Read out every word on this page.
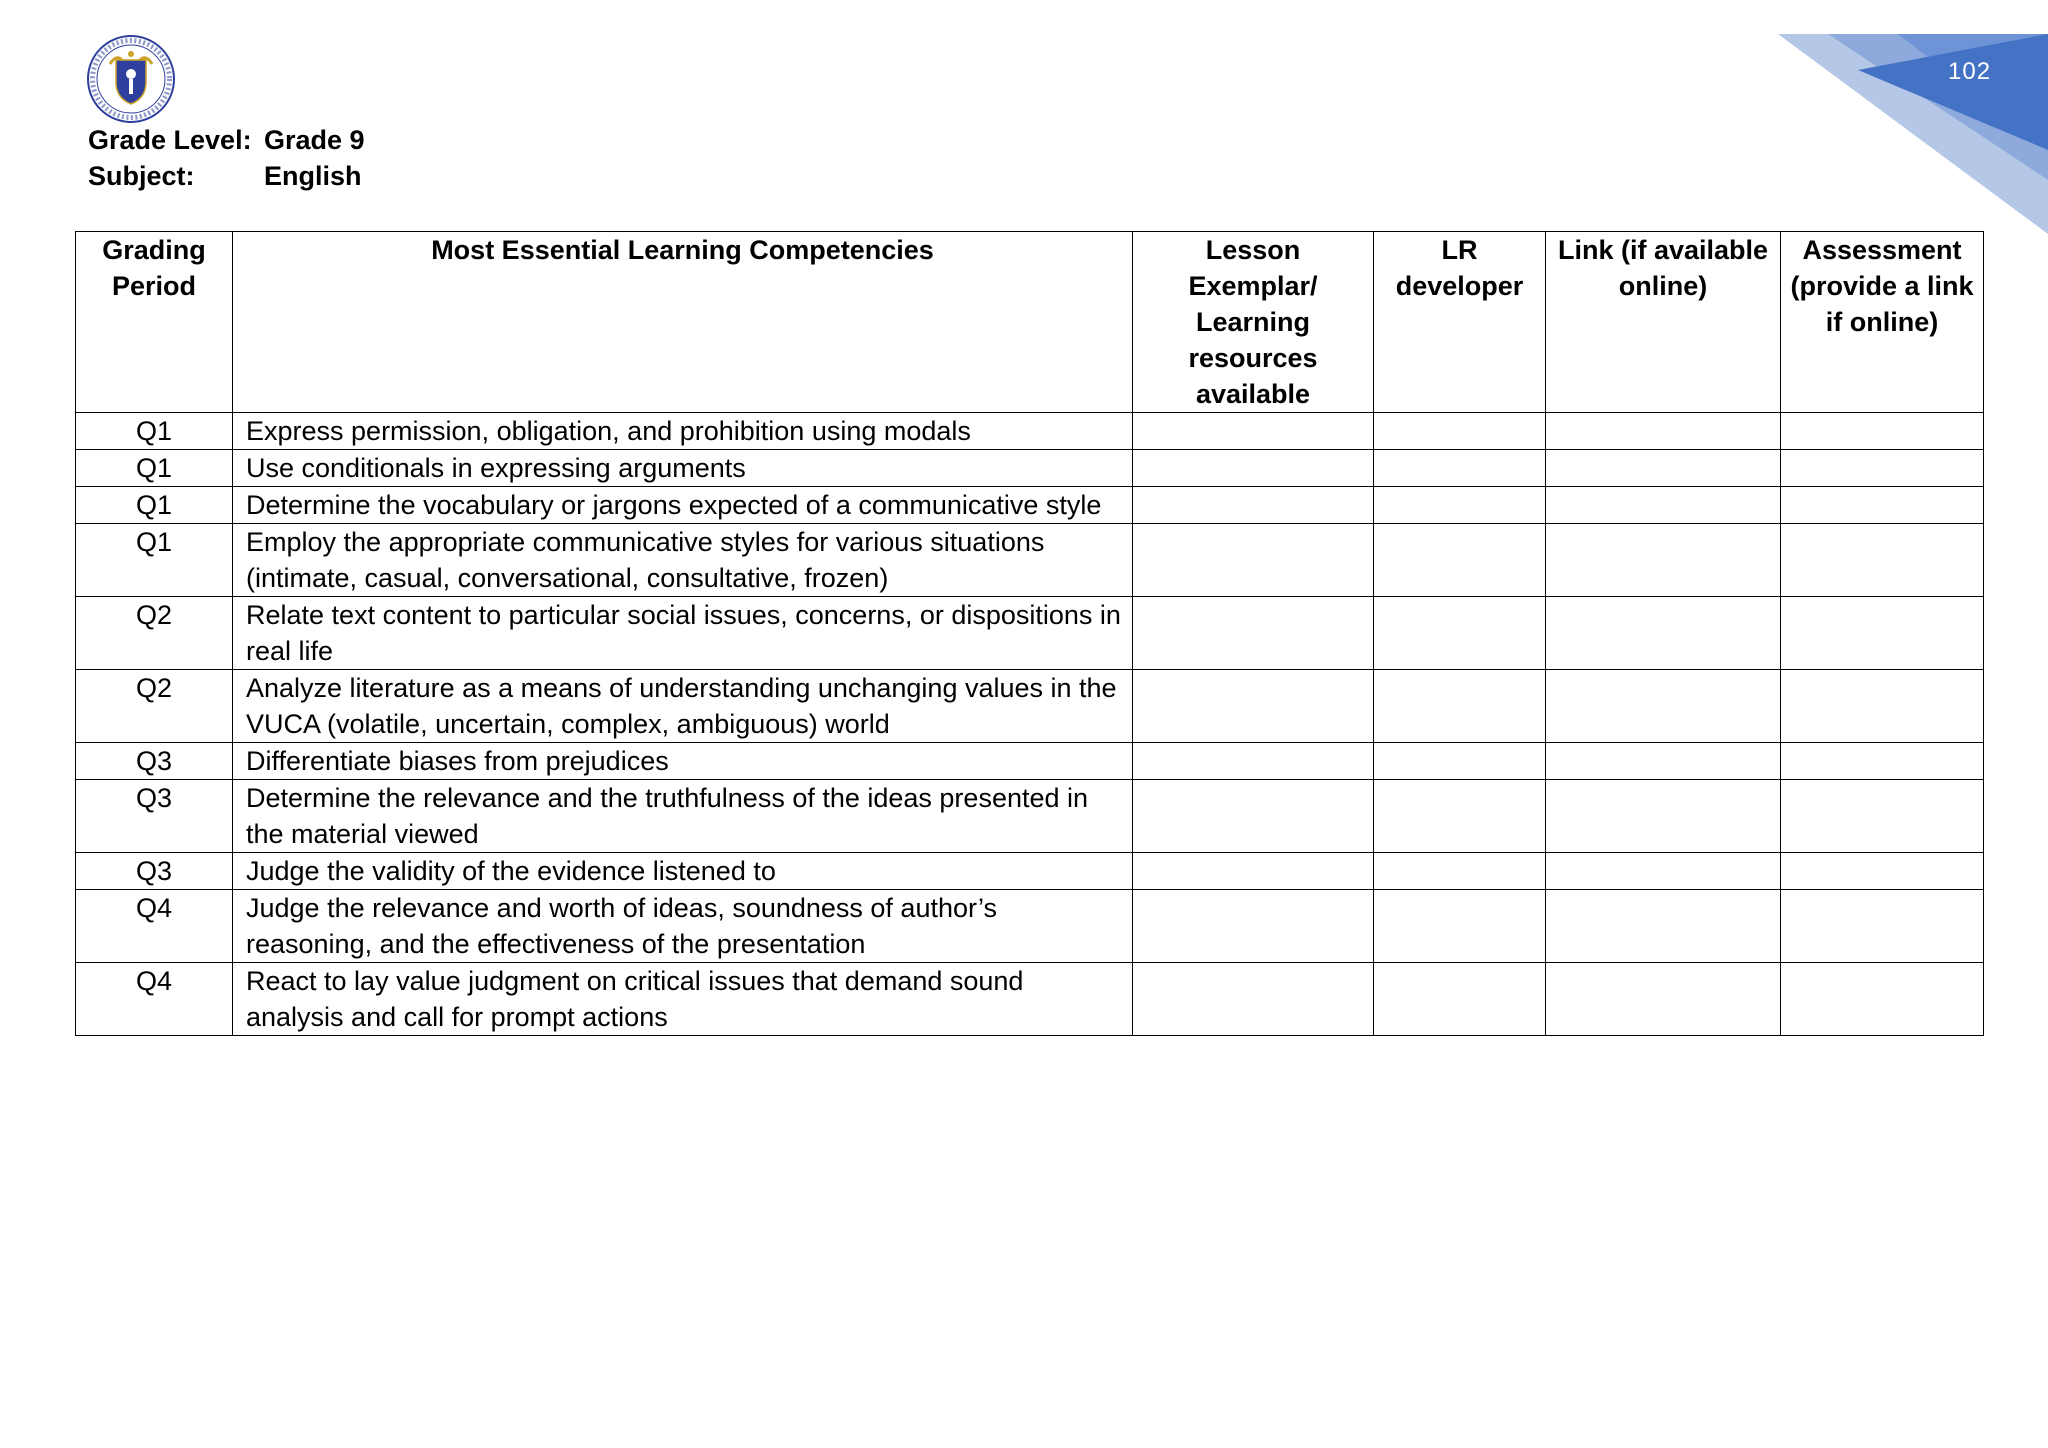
102
Grade Level: Grade 9
Subject:	English
Grading Period	Most Essential Learning Competencies	Lesson Exemplar/ Learning resources available	LR developer	Link (if available online)	Assessment (provide a link if online)
Q1	Express permission, obligation, and prohibition using modals				
Q1	Use conditionals in expressing arguments				
Q1	Determine the vocabulary or jargons expected of a communicative style				
Q1	Employ the appropriate communicative styles for various situations (intimate, casual, conversational, consultative, frozen)				
Q2	Relate text content to particular social issues, concerns, or dispositions in real life				
Q2	Analyze literature as a means of understanding unchanging values in the VUCA (volatile, uncertain, complex, ambiguous) world				
Q3	Differentiate biases from prejudices				
Q3	Determine the relevance and the truthfulness of the ideas presented in the material viewed				
Q3	Judge the validity of the evidence listened to				
Q4	Judge the relevance and worth of ideas, soundness of author’s reasoning, and the effectiveness of the presentation				
Q4	React to lay value judgment on critical issues that demand sound analysis and call for prompt actions				
